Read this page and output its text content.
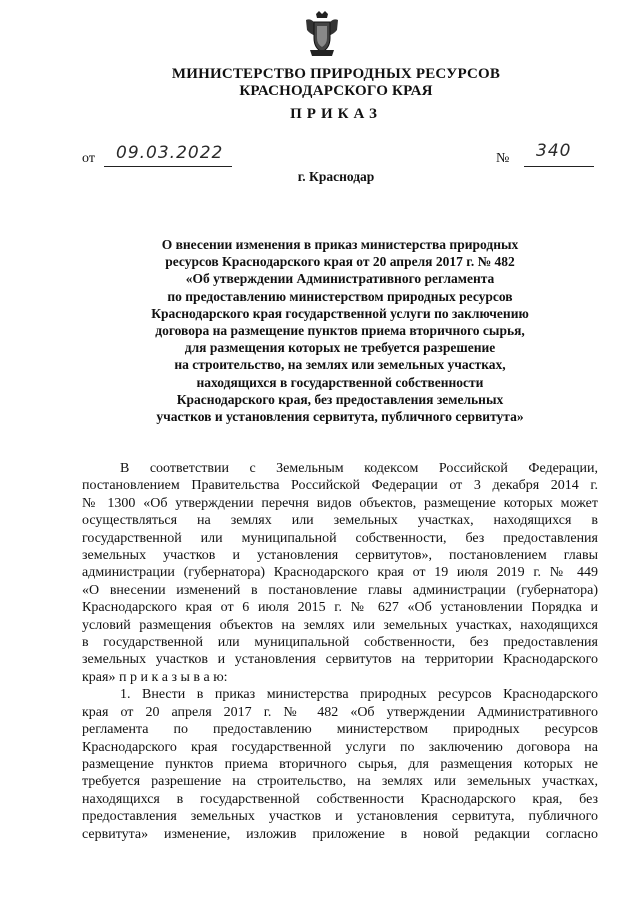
МИНИСТЕРСТВО ПРИРОДНЫХ РЕСУРСОВ
КРАСНОДАРСКОГО КРАЯ
ПРИКАЗ
от 09.03.2022	№ 340
г. Краснодар
О внесении изменения в приказ министерства природных
ресурсов Краснодарского края от 20 апреля 2017 г. № 482
«Об утверждении Административного регламента
по предоставлению министерством природных ресурсов
Краснодарского края государственной услуги по заключению
договора на размещение пунктов приема вторичного сырья,
для размещения которых не требуется разрешение
на строительство, на землях или земельных участках,
находящихся в государственной собственности
Краснодарского края, без предоставления земельных
участков и установления сервитута, публичного сервитута»
В соответствии с Земельным кодексом Российской Федерации,
постановлением Правительства Российской Федерации от 3 декабря 2014 г.
№ 1300 «Об утверждении перечня видов объектов, размещение которых может
осуществляться на землях или земельных участках, находящихся в
государственной или муниципальной собственности, без предоставления
земельных участков и установления сервитутов», постановлением главы
администрации (губернатора) Краснодарского края от 19 июля 2019 г. № 449
«О внесении изменений в постановление главы администрации (губернатора)
Краснодарского края от 6 июля 2015 г. № 627 «Об установлении Порядка и
условий размещения объектов на землях или земельных участках, находящихся
в государственной или муниципальной собственности, без предоставления
земельных участков и установления сервитутов на территории Краснодарского
края» п р и к а з ы в а ю:
1. Внести в приказ министерства природных ресурсов Краснодарского
края от 20 апреля 2017 г. № 482 «Об утверждении Административного
регламента по предоставлению министерством природных ресурсов
Краснодарского края государственной услуги по заключению договора на
размещение пунктов приема вторичного сырья, для размещения которых не
требуется разрешение на строительство, на землях или земельных участках,
находящихся в государственной собственности Краснодарского края, без
предоставления земельных участков и установления сервитута, публичного
сервитута» изменение, изложив приложение в новой редакции согласно
